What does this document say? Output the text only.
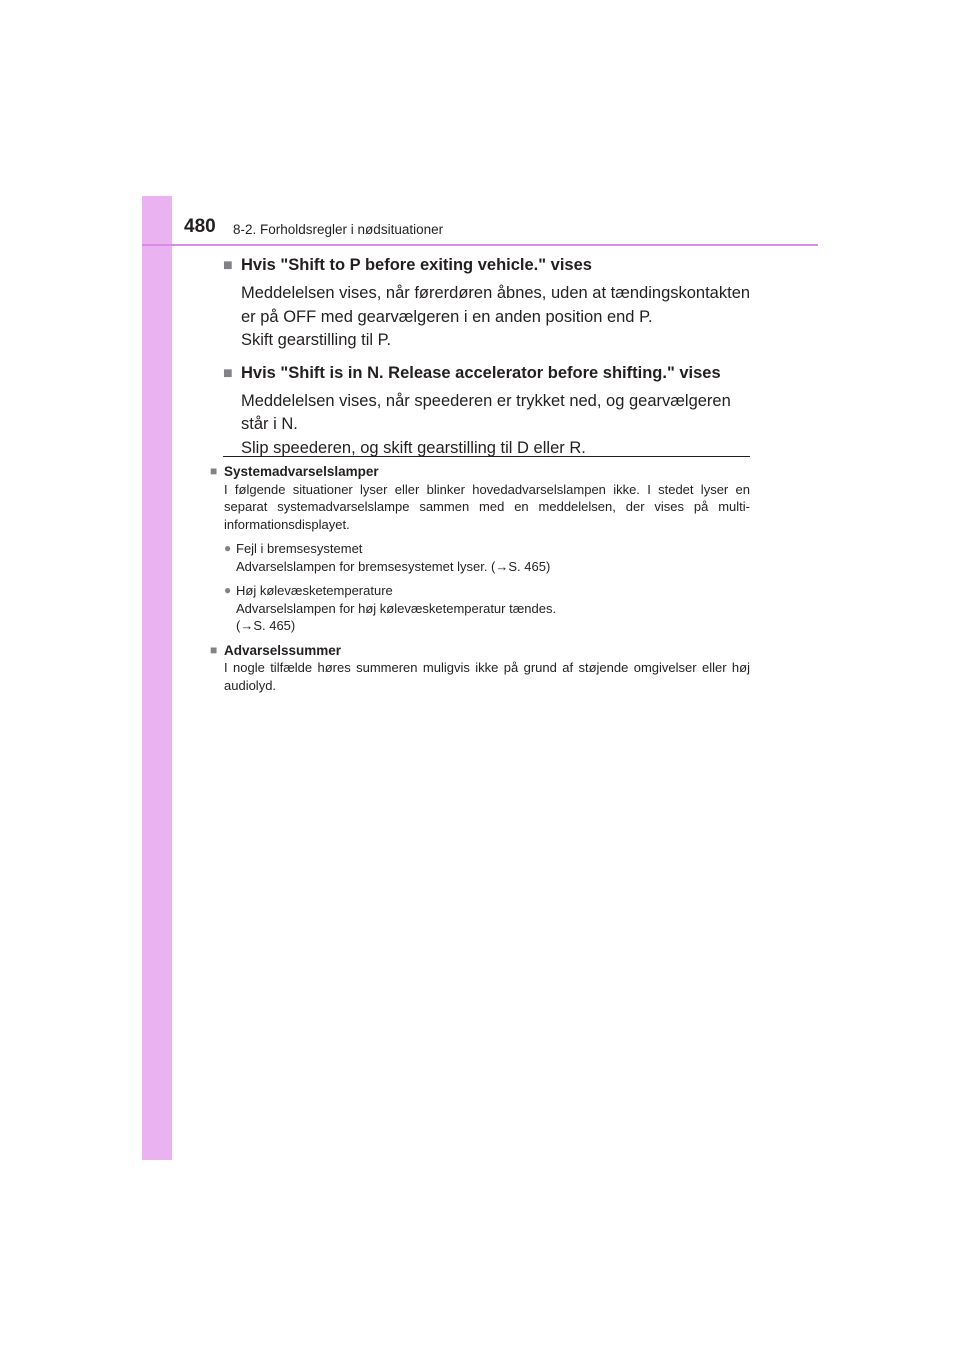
480 8-2. Forholdsregler i nødsituationer
■ Hvis "Shift to P before exiting vehicle." vises
Meddelelsen vises, når førerdøren åbnes, uden at tændingskontakten
er på OFF med gearvælgeren i en anden position end P.
Skift gearstilling til P.
■ Hvis "Shift is in N. Release accelerator before shifting." vises
Meddelelsen vises, når speederen er trykket ned, og gearvælgeren
står i N.
Slip speederen, og skift gearstilling til D eller R.
■ Systemadvarselslamper
I følgende situationer lyser eller blinker hovedadvarselslampen ikke. I stedet lyser en separat systemadvarselslampe sammen med en meddelelsen, der vises på multi-informationsdisplayet.
● Fejl i bremsesystemet
Advarselslampen for bremsesystemet lyser. (→S. 465)
● Høj kølevæsketemperature
Advarselslampen for høj kølevæsketemperatur tændes.
(→S. 465)
■ Advarselssummer
I nogle tilfælde høres summeren muligvis ikke på grund af støjende omgivelser eller høj audiolyd.
